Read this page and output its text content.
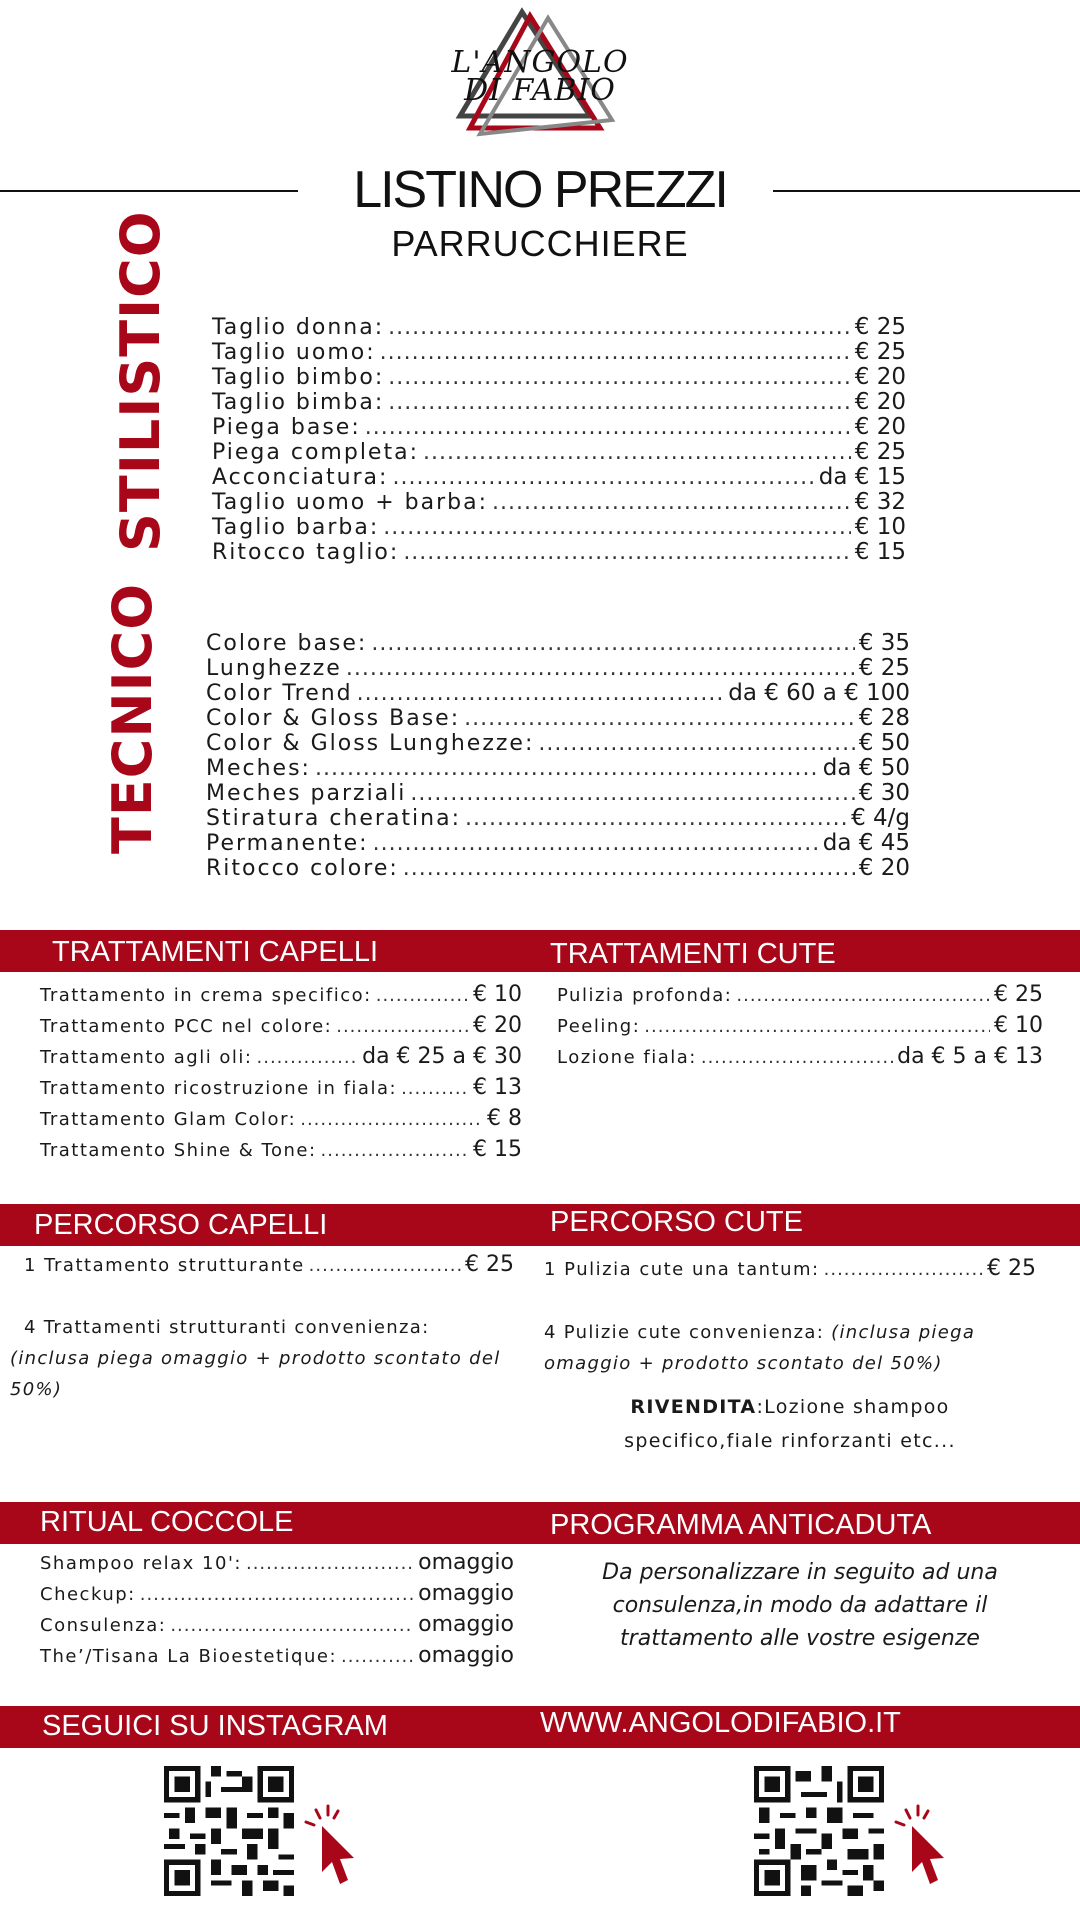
L'ANGOLO
DI FABIO
LISTINO PREZZI
PARRUCCHIERE
STILISTICO Taglio donna: .....	€ 25
Taglio uomo: .....	€ 25
Taglio bimbo: .....	€ 20
Taglio bimba: .....	€ 20
Piega base: .....	€ 20
Piega completa: .....	€ 25
Acconciatura: .....	da € 15
Taglio uomo + barba: .....	€ 32
Taglio barba: .....	€ 10
Ritocco taglio: .....	€ 15
TECNICO Colore base: .....	€ 35
Lunghezze .....	€ 25
Color Trend .....	da € 60 a € 100
Color & Gloss Base: .....	€ 28
Color & Gloss Lunghezze: .....	€ 50
Meches: .....	da € 50
Meches parziali .....	€ 30
Stiratura cheratina: .....	€ 4/g
Permanente: .....	da € 45
Ritocco colore: .....	€ 20
TRATTAMENTI CAPELLI	TRATTAMENTI CUTE
Trattamento in crema specifico: .....	€ 10
Trattamento PCC nel colore: .....	€ 20
Trattamento agli oli: .....	da € 25 a € 30
Trattamento ricostruzione in fiala: .....	€ 13
Trattamento Glam Color: .....	€ 8
Trattamento Shine & Tone: .....	€ 15
Pulizia profonda: .....	€ 25
Peeling: .....	€ 10
Lozione fiala: .....	da € 5 a € 13
PERCORSO CAPELLI	PERCORSO CUTE
1 Trattamento strutturante .....	€ 25
4 Trattamenti strutturanti convenienza:
(inclusa piega omaggio + prodotto scontato del 50%)
1 Pulizia cute una tantum: .....	€ 25
4 Pulizie cute convenienza: (inclusa piega omaggio + prodotto scontato del 50%)
RIVENDITA:Lozione shampoo specifico,fiale rinforzanti etc...
RITUAL COCCOLE	PROGRAMMA ANTICADUTA
Shampoo relax 10': .....	omaggio
Checkup: .....	omaggio
Consulenza: .....	omaggio
The’/Tisana La Bioestetique: .....	omaggio
Da personalizzare in seguito ad una consulenza,in modo da adattare il trattamento alle vostre esigenze
SEGUICI SU INSTAGRAM	WWW.ANGOLODIFABIO.IT
